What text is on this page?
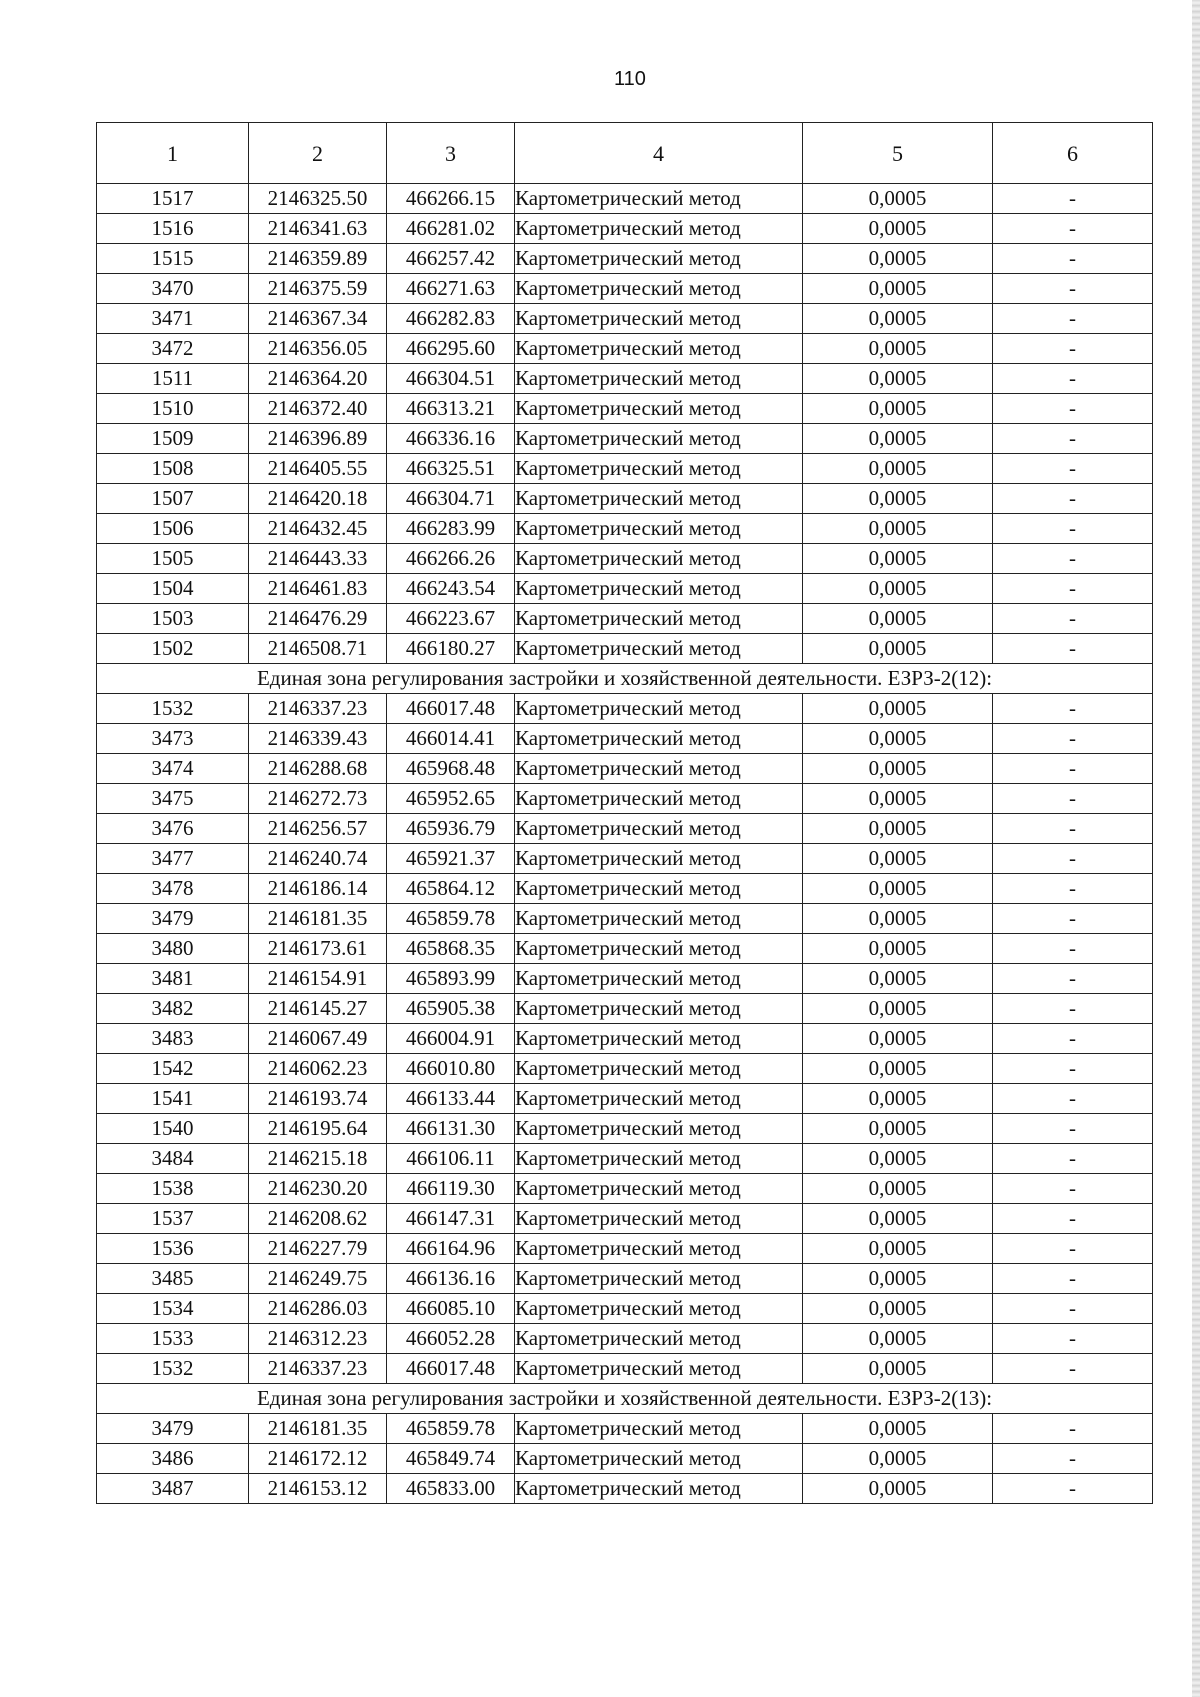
110
1	2	3	4	5	6
1517	2146325.50	466266.15	Картометрический метод	0,0005	-
1516	2146341.63	466281.02	Картометрический метод	0,0005	-
1515	2146359.89	466257.42	Картометрический метод	0,0005	-
3470	2146375.59	466271.63	Картометрический метод	0,0005	-
3471	2146367.34	466282.83	Картометрический метод	0,0005	-
3472	2146356.05	466295.60	Картометрический метод	0,0005	-
1511	2146364.20	466304.51	Картометрический метод	0,0005	-
1510	2146372.40	466313.21	Картометрический метод	0,0005	-
1509	2146396.89	466336.16	Картометрический метод	0,0005	-
1508	2146405.55	466325.51	Картометрический метод	0,0005	-
1507	2146420.18	466304.71	Картометрический метод	0,0005	-
1506	2146432.45	466283.99	Картометрический метод	0,0005	-
1505	2146443.33	466266.26	Картометрический метод	0,0005	-
1504	2146461.83	466243.54	Картометрический метод	0,0005	-
1503	2146476.29	466223.67	Картометрический метод	0,0005	-
1502	2146508.71	466180.27	Картометрический метод	0,0005	-
Единая зона регулирования застройки и хозяйственной деятельности. ЕЗРЗ-2(12):					
1532	2146337.23	466017.48	Картометрический метод	0,0005	-
3473	2146339.43	466014.41	Картометрический метод	0,0005	-
3474	2146288.68	465968.48	Картометрический метод	0,0005	-
3475	2146272.73	465952.65	Картометрический метод	0,0005	-
3476	2146256.57	465936.79	Картометрический метод	0,0005	-
3477	2146240.74	465921.37	Картометрический метод	0,0005	-
3478	2146186.14	465864.12	Картометрический метод	0,0005	-
3479	2146181.35	465859.78	Картометрический метод	0,0005	-
3480	2146173.61	465868.35	Картометрический метод	0,0005	-
3481	2146154.91	465893.99	Картометрический метод	0,0005	-
3482	2146145.27	465905.38	Картометрический метод	0,0005	-
3483	2146067.49	466004.91	Картометрический метод	0,0005	-
1542	2146062.23	466010.80	Картометрический метод	0,0005	-
1541	2146193.74	466133.44	Картометрический метод	0,0005	-
1540	2146195.64	466131.30	Картометрический метод	0,0005	-
3484	2146215.18	466106.11	Картометрический метод	0,0005	-
1538	2146230.20	466119.30	Картометрический метод	0,0005	-
1537	2146208.62	466147.31	Картометрический метод	0,0005	-
1536	2146227.79	466164.96	Картометрический метод	0,0005	-
3485	2146249.75	466136.16	Картометрический метод	0,0005	-
1534	2146286.03	466085.10	Картометрический метод	0,0005	-
1533	2146312.23	466052.28	Картометрический метод	0,0005	-
1532	2146337.23	466017.48	Картометрический метод	0,0005	-
Единая зона регулирования застройки и хозяйственной деятельности. ЕЗРЗ-2(13):					
3479	2146181.35	465859.78	Картометрический метод	0,0005	-
3486	2146172.12	465849.74	Картометрический метод	0,0005	-
3487	2146153.12	465833.00	Картометрический метод	0,0005	-
